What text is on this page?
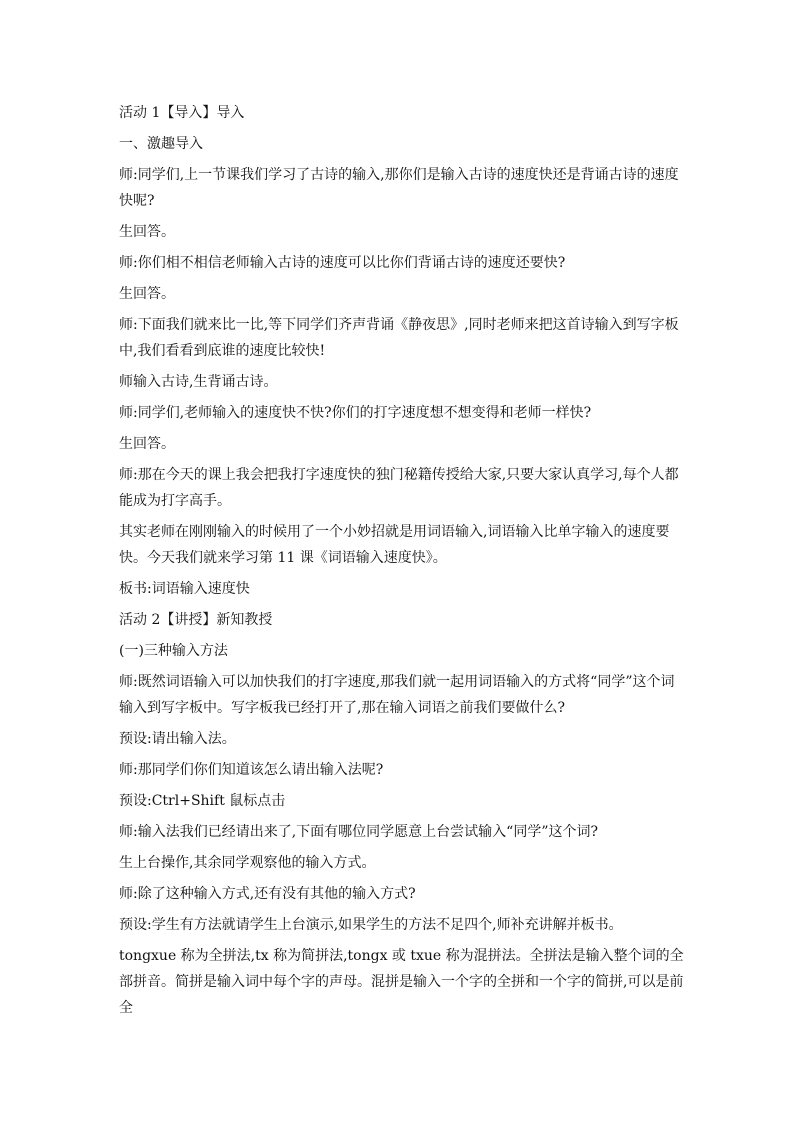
活动 1【导入】导入

一、激趣导入

师:同学们,上一节课我们学习了古诗的输入,那你们是输入古诗的速度快还是背诵古诗的速度快呢?

生回答。

师:你们相不相信老师输入古诗的速度可以比你们背诵古诗的速度还要快?

生回答。

师:下面我们就来比一比,等下同学们齐声背诵《静夜思》,同时老师来把这首诗输入到写字板中,我们看看到底谁的速度比较快!

师输入古诗,生背诵古诗。

师:同学们,老师输入的速度快不快?你们的打字速度想不想变得和老师一样快?

生回答。

师:那在今天的课上我会把我打字速度快的独门秘籍传授给大家,只要大家认真学习,每个人都能成为打字高手。

其实老师在刚刚输入的时候用了一个小妙招就是用词语输入,词语输入比单字输入的速度要快。今天我们就来学习第 11 课《词语输入速度快》。

板书:词语输入速度快

活动 2【讲授】新知教授

(一)三种输入方法

师:既然词语输入可以加快我们的打字速度,那我们就一起用词语输入的方式将“同学”这个词输入到写字板中。写字板我已经打开了,那在输入词语之前我们要做什么?

预设:请出输入法。

师:那同学们你们知道该怎么请出输入法呢?

预设:Ctrl+Shift 鼠标点击

师:输入法我们已经请出来了,下面有哪位同学愿意上台尝试输入“同学”这个词?

生上台操作,其余同学观察他的输入方式。

师:除了这种输入方式,还有没有其他的输入方式?

预设:学生有方法就请学生上台演示,如果学生的方法不足四个,师补充讲解并板书。

tongxue 称为全拼法,tx 称为简拼法,tongx 或 txue 称为混拼法。全拼法是输入整个词的全部拼音。简拼是输入词中每个字的声母。混拼是输入一个字的全拼和一个字的简拼,可以是前全
